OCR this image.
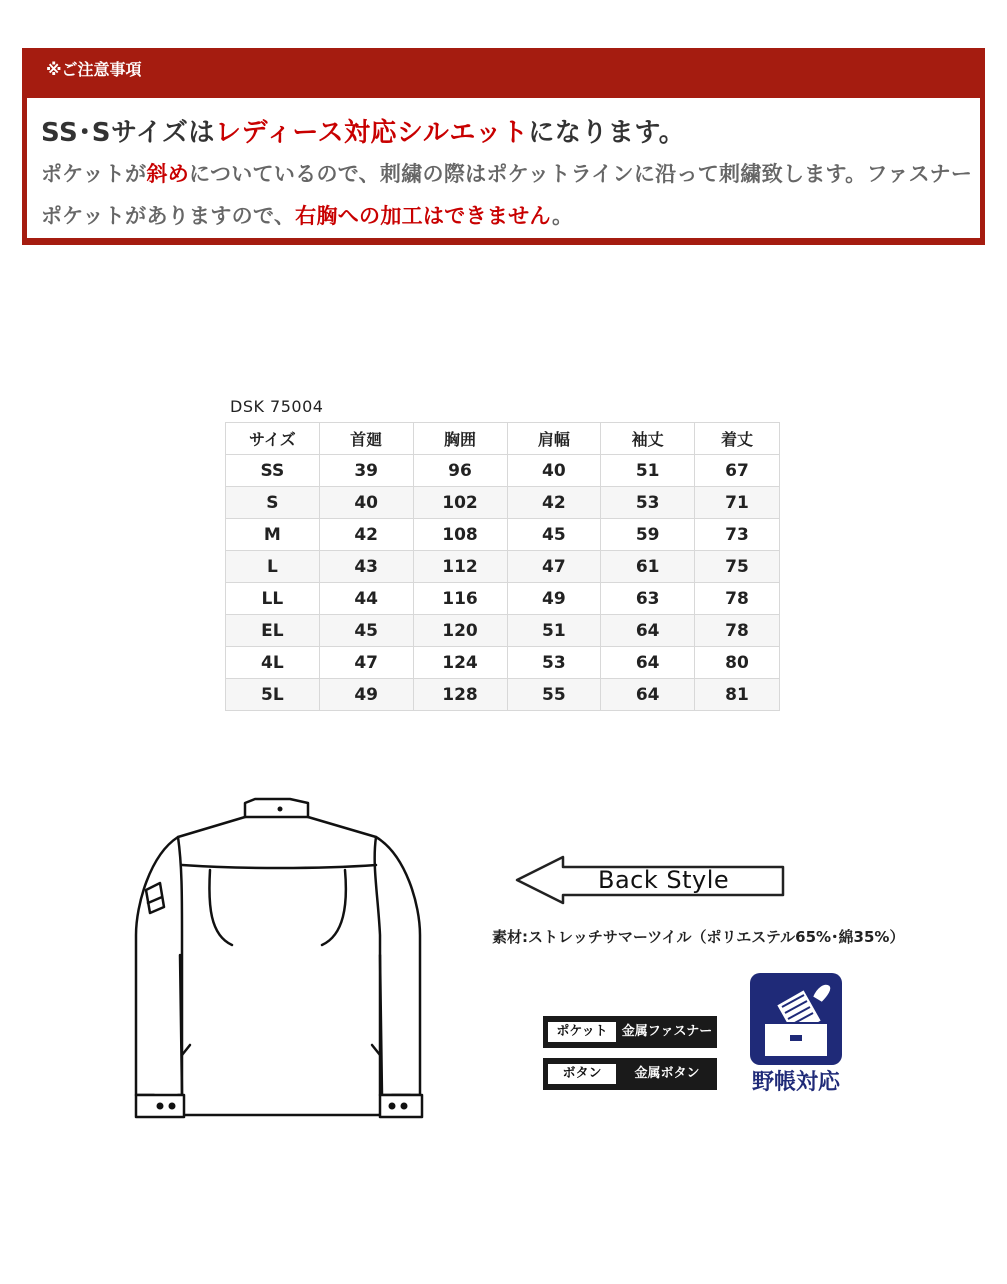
※ご注意事項
SS･Sサイズはレディース対応シルエットになります。
ポケットが斜めについているので、刺繍の際はポケットラインに沿って刺繍致します。ファスナーポケットがありますので、右胸への加工はできません。
DSK 75004
サイズ	首廻	胸囲	肩幅	袖丈	着丈
SS	39	96	40	51	67
S	40	102	42	53	71
M	42	108	45	59	73
L	43	112	47	61	75
LL	44	116	49	63	78
EL	45	120	51	64	78
4L	47	124	53	64	80
5L	49	128	55	64	81
Back Style
素材:ストレッチサマーツイル（ポリエステル65%･綿35%）
ポケット	金属ファスナー
ボタン	金属ボタン	野帳対応
